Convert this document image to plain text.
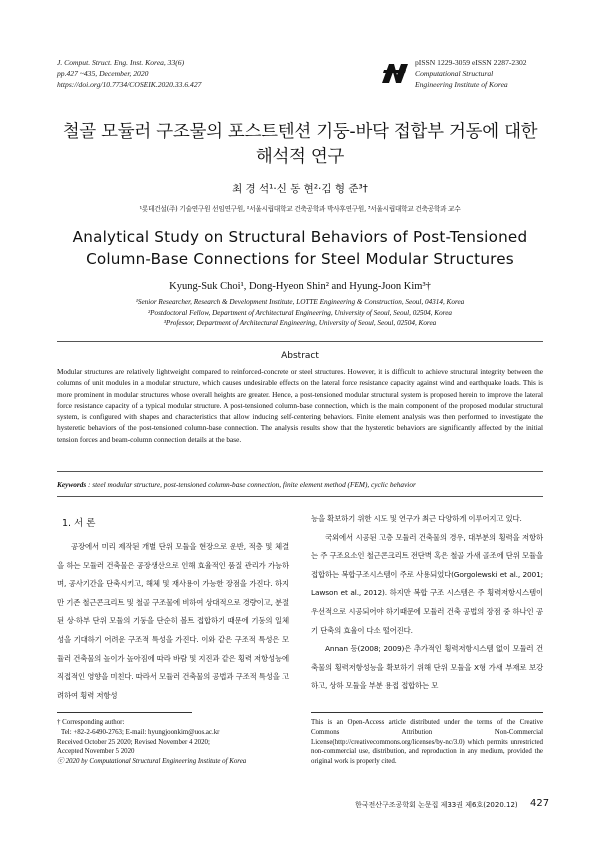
J. Comput. Struct. Eng. Inst. Korea, 33(6)
pp.427 ~435, December, 2020
https://doi.org/10.7734/COSEIK.2020.33.6.427
pISSN 1229-3059 eISSN 2287-2302
Computational Structural
Engineering Institute of Korea
철골 모듈러 구조물의 포스트텐션 기둥-바닥 접합부 거동에 대한
해석적 연구
최 경 석¹·신 동 현²·김 형 준³†
¹롯데건설(주) 기술연구원 선임연구원, ²서울시립대학교 건축공학과 박사후연구원, ³서울시립대학교 건축공학과 교수
Analytical Study on Structural Behaviors of Post-Tensioned
Column-Base Connections for Steel Modular Structures
Kyung-Suk Choi¹, Dong-Hyeon Shin² and Hyung-Joon Kim³†
¹Senior Researcher, Research & Development Institute, LOTTE Engineering & Construction, Seoul, 04314, Korea
²Postdoctoral Fellow, Department of Architectural Engineering, University of Seoul, Seoul, 02504, Korea
³Professor, Department of Architectural Engineering, University of Seoul, Seoul, 02504, Korea
Abstract
Modular structures are relatively lightweight compared to reinforced-concrete or steel structures. However, it is difficult to achieve structural integrity between the columns of unit modules in a modular structure, which causes undesirable effects on the lateral force resistance capacity against wind and earthquake loads. This is more prominent in modular structures whose overall heights are greater. Hence, a post-tensioned modular structural system is proposed herein to improve the lateral force resistance capacity of a typical modular structure. A post-tensioned column-base connection, which is the main component of the proposed modular structural system, is configured with shapes and characteristics that allow inducing self-centering behaviors. Finite element analysis was then performed to investigate the hysteretic behaviors of the post-tensioned column-base connection. The analysis results show that the hysteretic behaviors are significantly affected by the initial tension forces and beam-column connection details at the base.
Keywords : steel modular structure, post-tensioned column-base connection, finite element method (FEM), cyclic behavior
1. 서 론

공장에서 미리 제작된 개별 단위 모듈을 현장으로 운반, 적층 및 체결을 하는 모듈러 건축물은 공장생산으로 인해 효율적인 품질 관리가 가능하며, 공사기간을 단축시키고, 해체 및 재사용이 가능한 장점을 가진다. 하지만 기존 철근콘크리트 및 철골 구조물에 비하여 상대적으로 경량이고, 분절된 상·하부 단위 모듈의 기둥을 단순히 볼트 접합하기 때문에 기둥의 일체성을 기대하기 어려운 구조적 특성을 가진다. 이와 같은 구조적 특성은 모듈러 건축물의 높이가 높아짐에 따라 바람 및 지진과 같은 횡력 저항성능에 직접적인 영향을 미친다. 따라서 모듈러 건축물의 공법과 구조적 특성을 고려하여 횡력 저항성

능을 확보하기 위한 시도 및 연구가 최근 다양하게 이루어지고 있다.

국외에서 시공된 고층 모듈러 건축물의 경우, 대부분의 횡력을 저항하는 주 구조요소인 철근콘크리트 전단벽 혹은 철골 가새 골조에 단위 모듈을 접합하는 복합구조시스템이 주로 사용되었다(Gorgolewski et al., 2001; Lawson et al., 2012). 하지만 복합 구조 시스템은 주 횡력저항시스템이 우선적으로 시공되어야 하기때문에 모듈러 건축 공법의 장점 중 하나인 공기 단축의 효율이 다소 떨어진다.

Annan 등(2008; 2009)은 추가적인 횡력저항시스템 없이 모듈러 건축물의 횡력저항성능을 확보하기 위해 단위 모듈을 X형 가새 부재로 보강하고, 상하 모듈을 부분 용접 접합하는 모

† Corresponding author:
Tel: +82-2-6490-2763; E-mail: hyungjoonkim@uos.ac.kr
Received October 25 2020; Revised November 4 2020;
Accepted November 5 2020
ⓒ 2020 by Computational Structural Engineering Institute of Korea
This is an Open-Access article distributed under the terms of the Creative Commons Attribution Non-Commercial License(http://creativecommons.org/licenses/by-nc/3.0) which permits unrestricted non-commercial use, distribution, and reproduction in any medium, provided the original work is properly cited.
한국전산구조공학회 논문집 제33권 제6호(2020.12) 427
